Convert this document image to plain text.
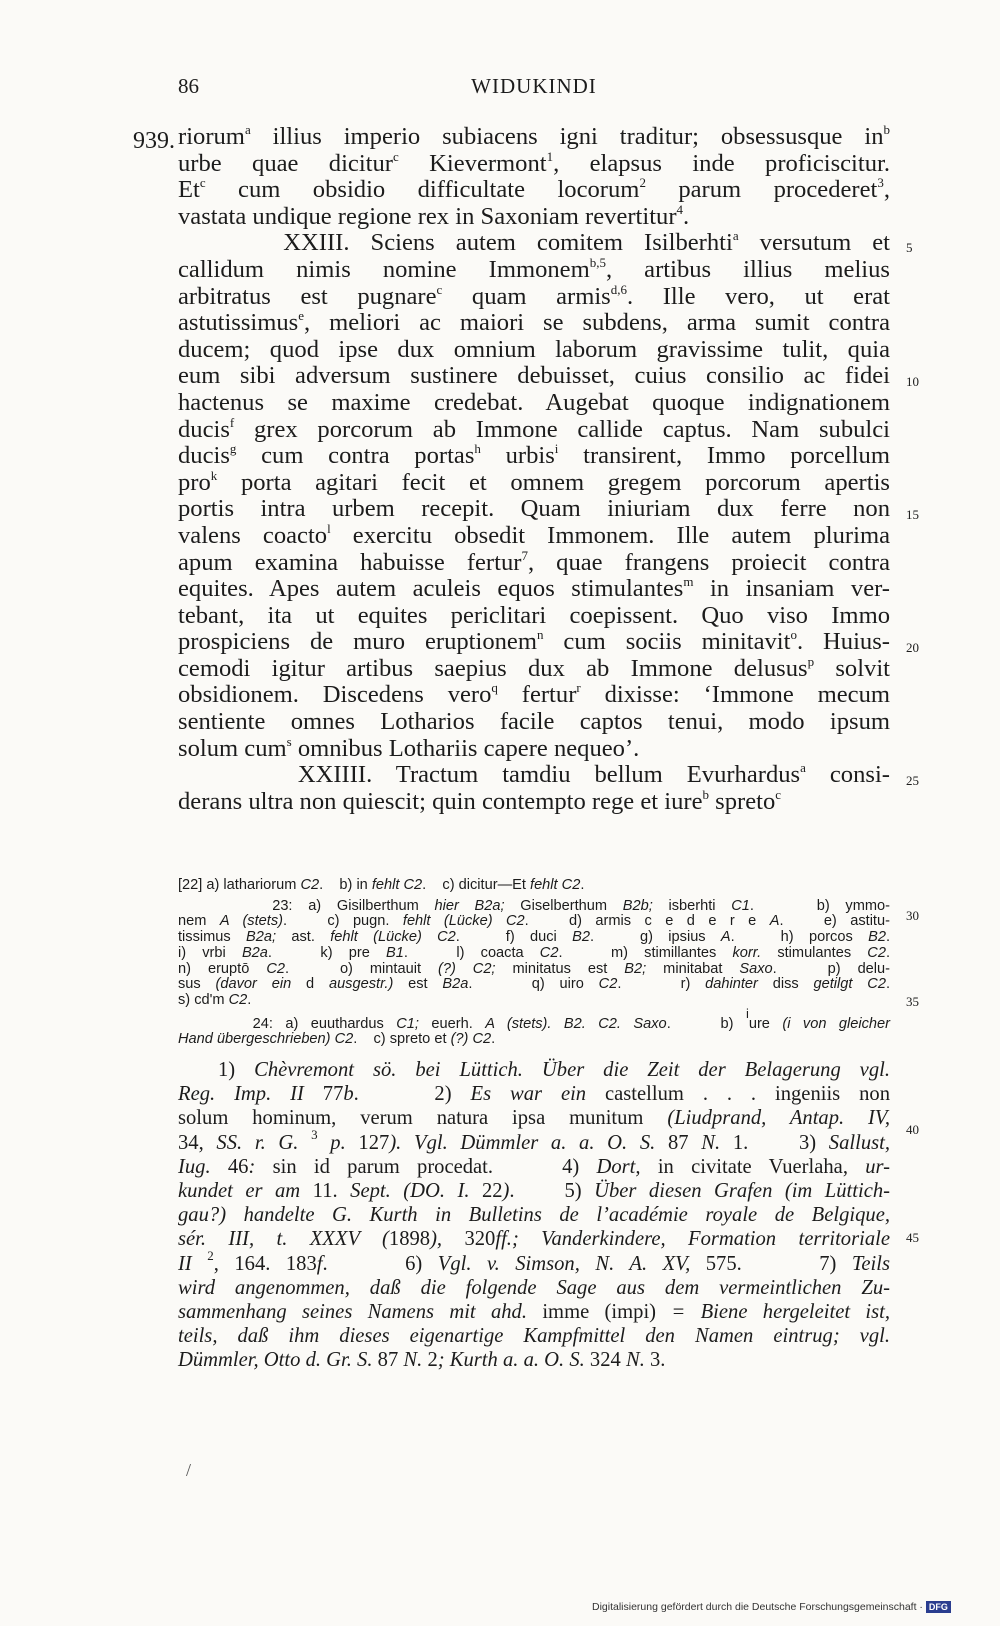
86	WIDUKINDI
939. riorum$^a$ illius imperio subiacens igni traditur; obsessusque $in^b$
urbe quae dicitur$^c$ Kievermont$^1$, elapsus inde proficiscitur.
Et$^c$ cum obsidio difficultate locorum$^2$ parum procederet$^3$,
vastata undique regione rex in Saxoniam revertitur$^4$.
XXIII. Sciens autem comitem Isilberhti$^a$ versutum et
callidum nimis nomine Immonem$^{b,5}$, artibus illius melius
arbitratus est pugnare$^c$ quam armis$^{d,6}$. Ille vero, ut erat
astutissimus$^e$, meliori ac maiori se subdens, arma sumit contra
ducem; quod ipse dux omnium laborum gravissime tulit, quia
eum sibi adversum sustinere debuisset, cuius consilio ac fidei
hactenus se maxime credebat. Augebat quoque indignationem
ducis$^f$ grex porcorum ab Immone callide captus. Nam subulci
ducis$^g$ cum contra portas$^h$ urbis$^i$ transirent, Immo porcellum
pro$^k$ porta agitari fecit et omnem gregem porcorum apertis
portis intra urbem recepit. Quam iniuriam dux ferre non
valens coacto$^l$ exercitu obsedit Immonem. Ille autem plurima
apum examina habuisse fertur$^7$, quae frangens proiecit contra
equites. Apes autem aculeis equos stimulantes$^m$ in insaniam ver-
tebant, ita ut equites periclitari coepissent. Quo viso Immo
prospiciens de muro eruptionem$^n$ cum sociis minitavit$^o$. Huius-
cemodi igitur artibus saepius dux ab Immone delusus$^p$ solvit
obsidionem. Discedens vero$^q$ fertur$^r$ dixisse: ‘Immone mecum
sentiente omnes Lotharios facile captos tenui, modo ipsum
solum cum$^s$ omnibus Lothariis capere nequeo’.
XXIIII. Tractum tamdiu bellum Evurhardus$^a$ consi-
derans ultra non quiescit; quin contempto rege et iure$^b$ spreto$^c$
5
10
15
20
25
30
35
40
45
[22] a) lathariorum C2.    b) in fehlt C2.    c) dicitur—Et fehlt C2.
23: a) Gisilberthum hier B2a; Giselberthum B2b; isberhti C1.    b) ymmo-
nem A (stets).   c) pugn. fehlt (Lücke) C2.   d) armis c e d e r e A.   e) astitu-
tissimus B2a; ast. fehlt (Lücke) C2.   f) duci B2.   g) ipsius A.   h) porcos B2.
i) vrbi B2a.   k) pre B1.   l) coacta C2.   m) stimillantes korr. stimulantes C2.
n) eruptō C2.   o) mintauit (?) C2; minitatus est B2; minitabat Saxo.   p) delu-
sus (davor ein d ausgestr.) est B2a.    q) uiro C2.    r) dahinter diss getilgt C2.
s) cd'm C2.
24: a) euuthardus C1; euerh. A (stets). B2. C2. Saxo.    b) $^i$ure (i von gleicher
Hand übergeschrieben) C2.    c) spreto et (?) C2.
1) Chèvremont sö. bei Lüttich. Über die Zeit der Belagerung vgl.
Reg. Imp. II 77b.    2) Es war ein castellum . . . ingeniis non
solum hominum, verum natura ipsa munitum (Liudprand, Antap. IV,
34, SS. r. G. $^3$ p. 127). Vgl. Dümmler a. a. O. S. 87 N. 1.    3) Sallust,
Iug. 46: sin id parum procedat.    4) Dort, in civitate Vuerlaha, ur-
kundet er am 11. Sept. (DO. I. 22).    5) Über diesen Grafen (im Lüttich-
gau?) handelte G. Kurth in Bulletins de l’académie royale de Belgique,
sér. III, t. XXXV (1898), 320ff.; Vanderkindere, Formation territoriale
II $^2$, 164. 183f.     6) Vgl. v. Simson, N. A. XV, 575.     7) Teils
wird angenommen, daß die folgende Sage aus dem vermeintlichen Zu-
sammenhang seines Namens mit ahd. imme (impi) = Biene hergeleitet ist,
teils, daß ihm dieses eigenartige Kampfmittel den Namen eintrug; vgl.
Dümmler, Otto d. Gr. S. 87 N. 2; Kurth a. a. O. S. 324 N. 3.
/
Digitalisierung gefördert durch die Deutsche Forschungsgemeinschaft · DFG
